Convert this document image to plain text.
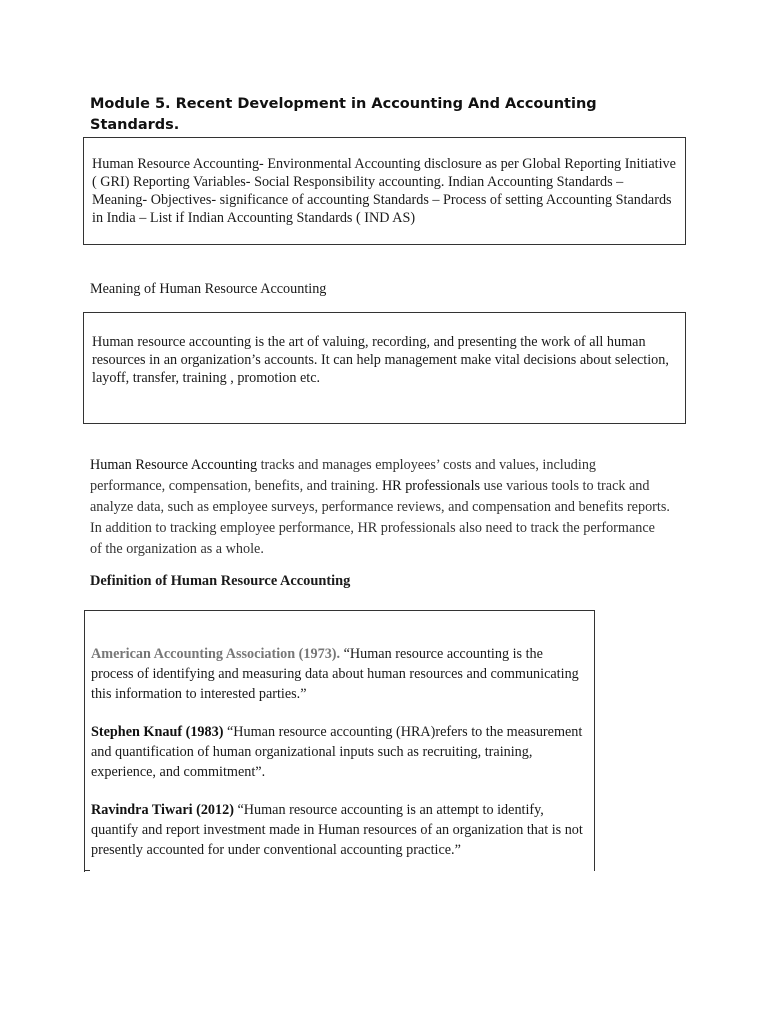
Module 5. Recent Development in Accounting And Accounting Standards.
Human Resource Accounting- Environmental Accounting disclosure as per Global Reporting Initiative ( GRI) Reporting Variables- Social Responsibility accounting. Indian Accounting Standards – Meaning- Objectives- significance of accounting Standards – Process of setting Accounting Standards in India – List if Indian Accounting Standards ( IND AS)
Meaning of Human Resource Accounting
Human resource accounting is the art of valuing, recording, and presenting the work of all human resources in an organization’s accounts. It can help management make vital decisions about selection, layoff, transfer, training , promotion etc.
Human Resource Accounting tracks and manages employees’ costs and values, including performance, compensation, benefits, and training. HR professionals use various tools to track and analyze data, such as employee surveys, performance reviews, and compensation and benefits reports. In addition to tracking employee performance, HR professionals also need to track the performance of the organization as a whole.
Definition of Human Resource Accounting

American Accounting Association (1973). “Human resource accounting is the process of identifying and measuring data about human resources and communicating this information to interested parties.”

Stephen Knauf (1983) “Human resource accounting (HRA)refers to the measurement and quantification of human organizational inputs such as recruiting, training, experience, and commitment”.

Ravindra Tiwari (2012) “Human resource accounting is an attempt to identify, quantify and report investment made in Human resources of an organization that is not presently accounted for under conventional accounting practice.”
